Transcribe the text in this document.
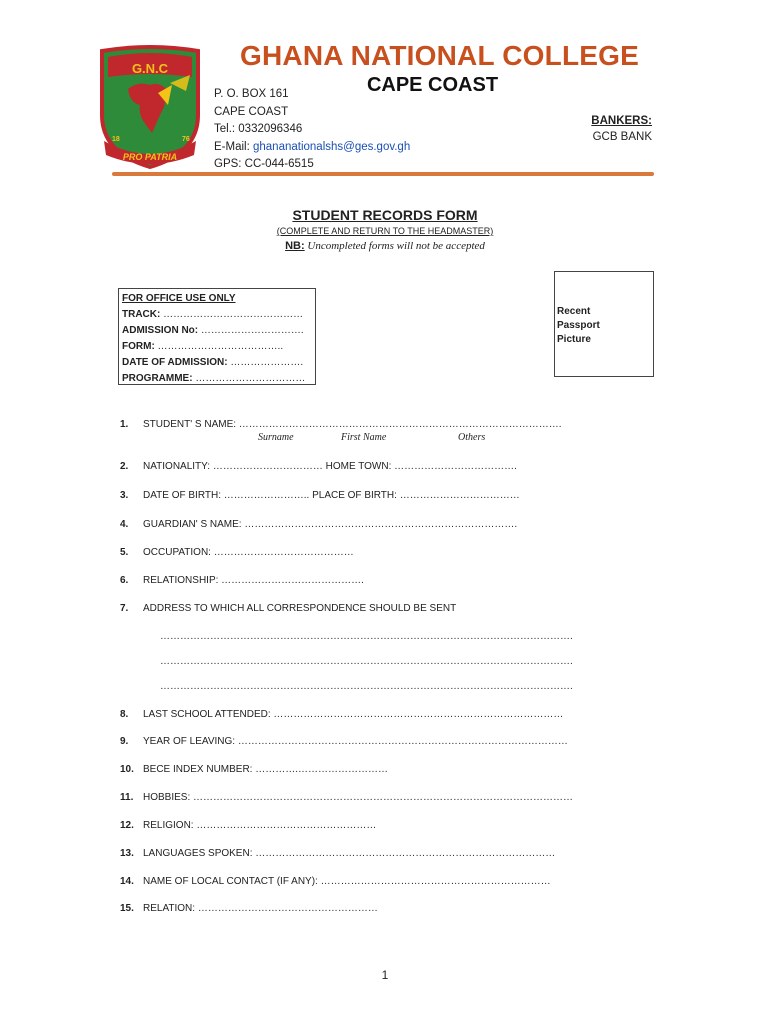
G.N.C
18	76
PRO PATRIA
GHANA NATIONAL COLLEGE
CAPE COAST
P. O. BOX 161
CAPE COAST
Tel.: 0332096346
E-Mail: ghananationalshs@ges.gov.gh
GPS: CC-044-6515
BANKERS:
GCB BANK
STUDENT RECORDS FORM
(COMPLETE AND RETURN TO THE HEADMASTER)
NB: Uncompleted forms will not be accepted
FOR OFFICE USE ONLY
TRACK: ……………………………………
ADMISSION No: ………………………….
FORM: ………………………………..
DATE OF ADMISSION: ………………….
PROGRAMME: ……………………………
Recent
Passport
Picture
1. STUDENT' S NAME: …………………………………………………………………………………….
Surname	First Name	Others
2. NATIONALITY: …………………………… HOME TOWN: ……………………………….
3. DATE OF BIRTH: …………………….. PLACE OF BIRTH: ………………………………
4. GUARDIAN' S NAME: ……………………………………………………………………….
5. OCCUPATION: ……………………………………
6. RELATIONSHIP: …………………………………….
7. ADDRESS TO WHICH ALL CORRESPONDENCE SHOULD BE SENT
…………………………………………………………………………………………………………….
…………………………………………………………………………………………………………….
…………………………………………………………………………………………………………….
8. LAST SCHOOL ATTENDED: ……………………………………………………………………………
9. YEAR OF LEAVING: ………………………………………………………………………………………
10. BECE INDEX NUMBER: ………….………………………
11. HOBBIES: ……………………………………………………………………………………………………
12. RELIGION: ………………………………………………
13. LANGUAGES SPOKEN: ………………………………………………………………………………
14. NAME OF LOCAL CONTACT (IF ANY): ……………………………………………………………
15. RELATION: ………………………………………………
1
